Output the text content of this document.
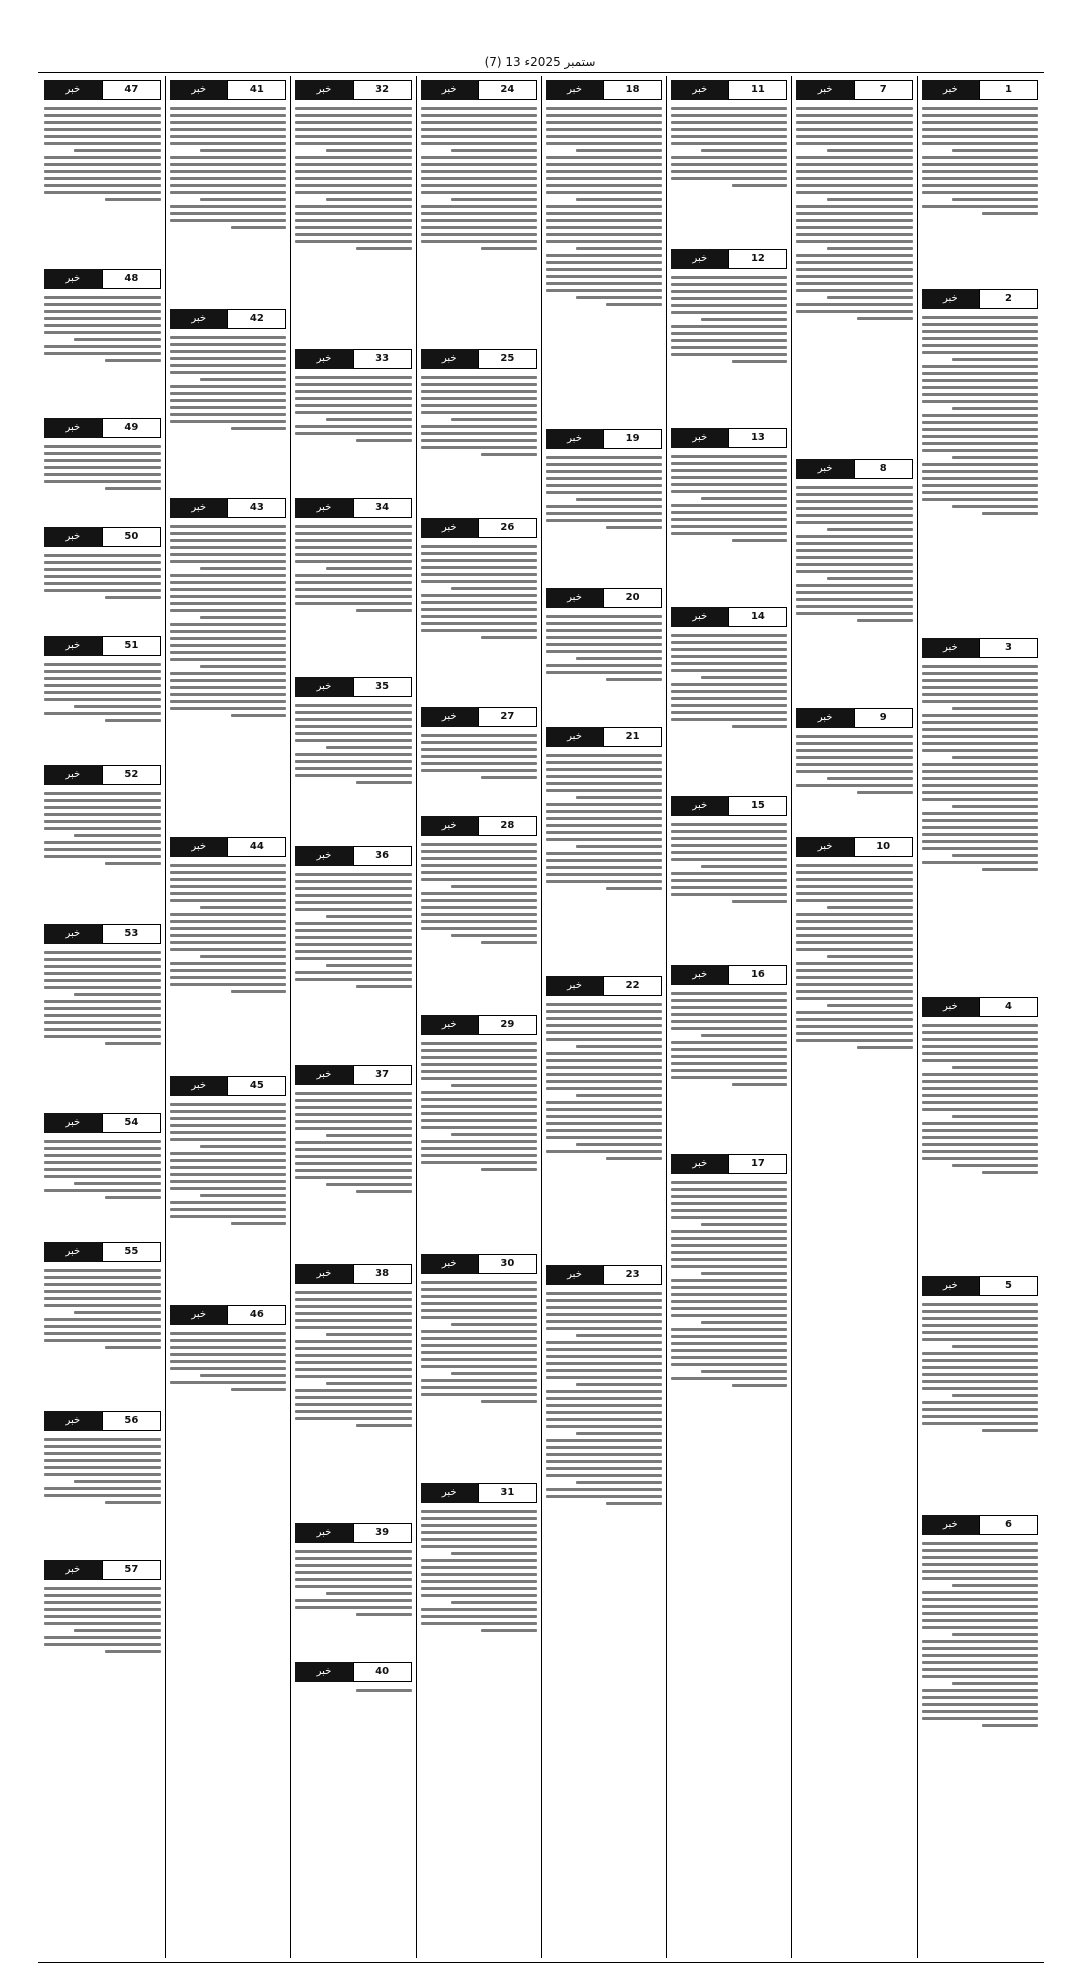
(7) 13 ستمبر 2025ء
1
خبر
2
خبر
3
خبر
4
خبر
5
خبر
6
خبر
7
خبر
8
خبر
9
خبر
10
خبر
11
خبر
12
خبر
13
خبر
14
خبر
15
خبر
16
خبر
17
خبر
18
خبر
19
خبر
20
خبر
21
خبر
22
خبر
23
خبر
24
خبر
25
خبر
26
خبر
27
خبر
28
خبر
29
خبر
30
خبر
31
خبر
32
خبر
33
خبر
34
خبر
35
خبر
36
خبر
37
خبر
38
خبر
39
خبر
40
خبر
41
خبر
42
خبر
43
خبر
44
خبر
45
خبر
46
خبر
47
خبر
48
خبر
49
خبر
50
خبر
51
خبر
52
خبر
53
خبر
54
خبر
55
خبر
56
خبر
57
خبر
